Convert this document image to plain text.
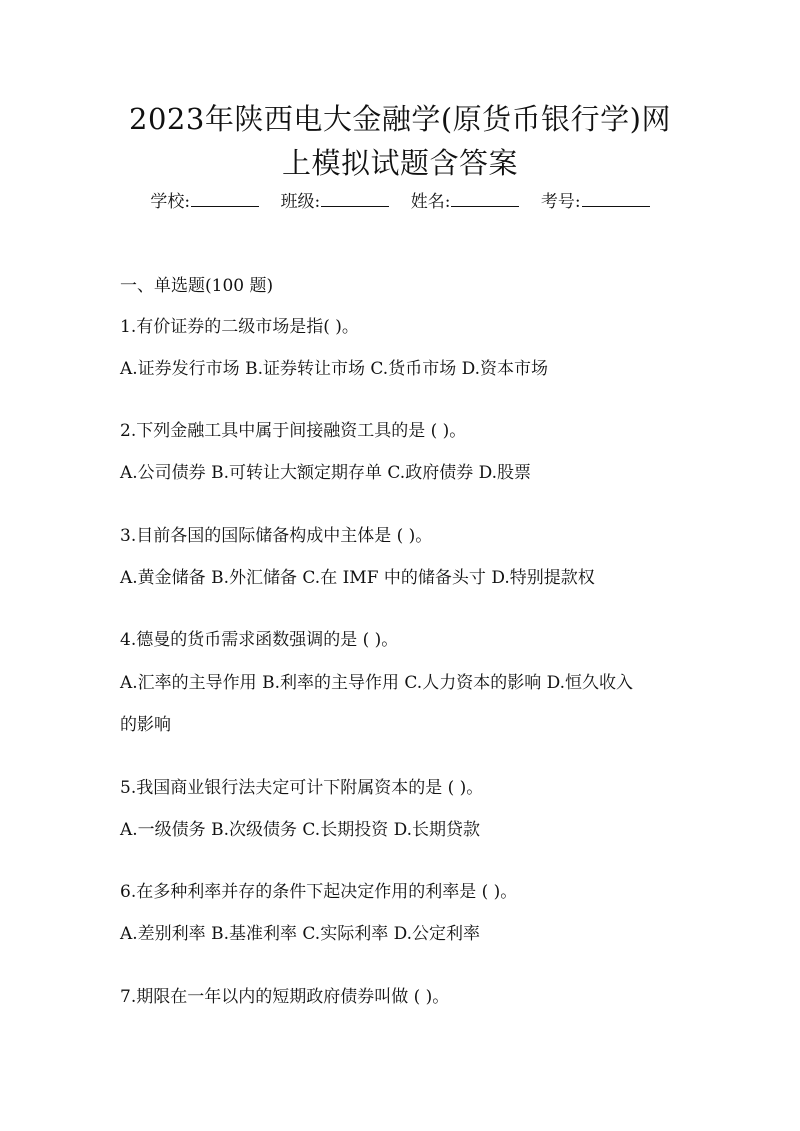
2023年陕西电大金融学(原货币银行学)网
上模拟试题含答案
学校:	班级:	姓名:	考号:
一、单选题(100 题)
1.有价证券的二级市场是指( )。
A.证券发行市场 B.证券转让市场 C.货币市场 D.资本市场
2.下列金融工具中属于间接融资工具的是 ( )。
A.公司债券 B.可转让大额定期存单 C.政府债券 D.股票
3.目前各国的国际储备构成中主体是 ( )。
A.黄金储备 B.外汇储备 C.在 IMF 中的储备头寸 D.特别提款权
4.德曼的货币需求函数强调的是 ( )。
A.汇率的主导作用 B.利率的主导作用 C.人力资本的影响 D.恒久收入
的影响
5.我国商业银行法夫定可计下附属资本的是 ( )。
A.一级债务 B.次级债务 C.长期投资 D.长期贷款
6.在多种利率并存的条件下起决定作用的利率是 ( )。
A.差别利率 B.基准利率 C.实际利率 D.公定利率
7.期限在一年以内的短期政府债券叫做 ( )。
